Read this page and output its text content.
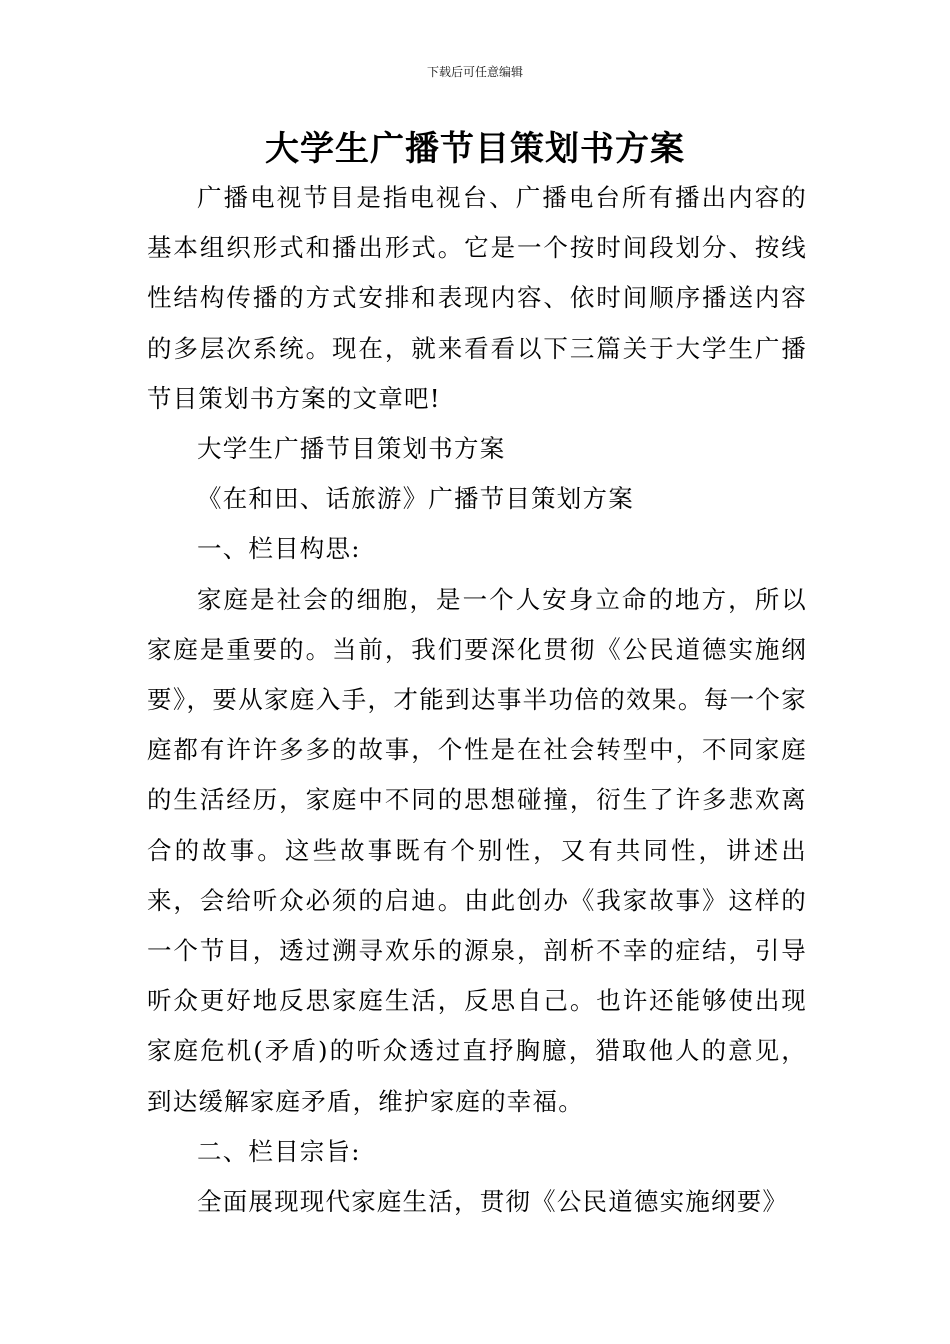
下载后可任意编辑
大学生广播节目策划书方案

广播电视节目是指电视台、广播电台所有播出内容的基本组织形式和播出形式。它是一个按时间段划分、按线性结构传播的方式安排和表现内容、依时间顺序播送内容的多层次系统。现在，就来看看以下三篇关于大学生广播节目策划书方案的文章吧!

大学生广播节目策划书方案

《在和田、话旅游》广播节目策划方案

一、栏目构思:

家庭是社会的细胞，是一个人安身立命的地方，所以家庭是重要的。当前，我们要深化贯彻《公民道德实施纲要》，要从家庭入手，才能到达事半功倍的效果。每一个家庭都有许许多多的故事，个性是在社会转型中，不同家庭的生活经历，家庭中不同的思想碰撞，衍生了许多悲欢离合的故事。这些故事既有个别性，又有共同性，讲述出来，会给听众必须的启迪。由此创办《我家故事》这样的一个节目，透过溯寻欢乐的源泉，剖析不幸的症结，引导听众更好地反思家庭生活，反思自己。也许还能够使出现家庭危机(矛盾)的听众透过直抒胸臆，猎取他人的意见，到达缓解家庭矛盾，维护家庭的幸福。

二、栏目宗旨:

全面展现现代家庭生活，贯彻《公民道德实施纲要》
